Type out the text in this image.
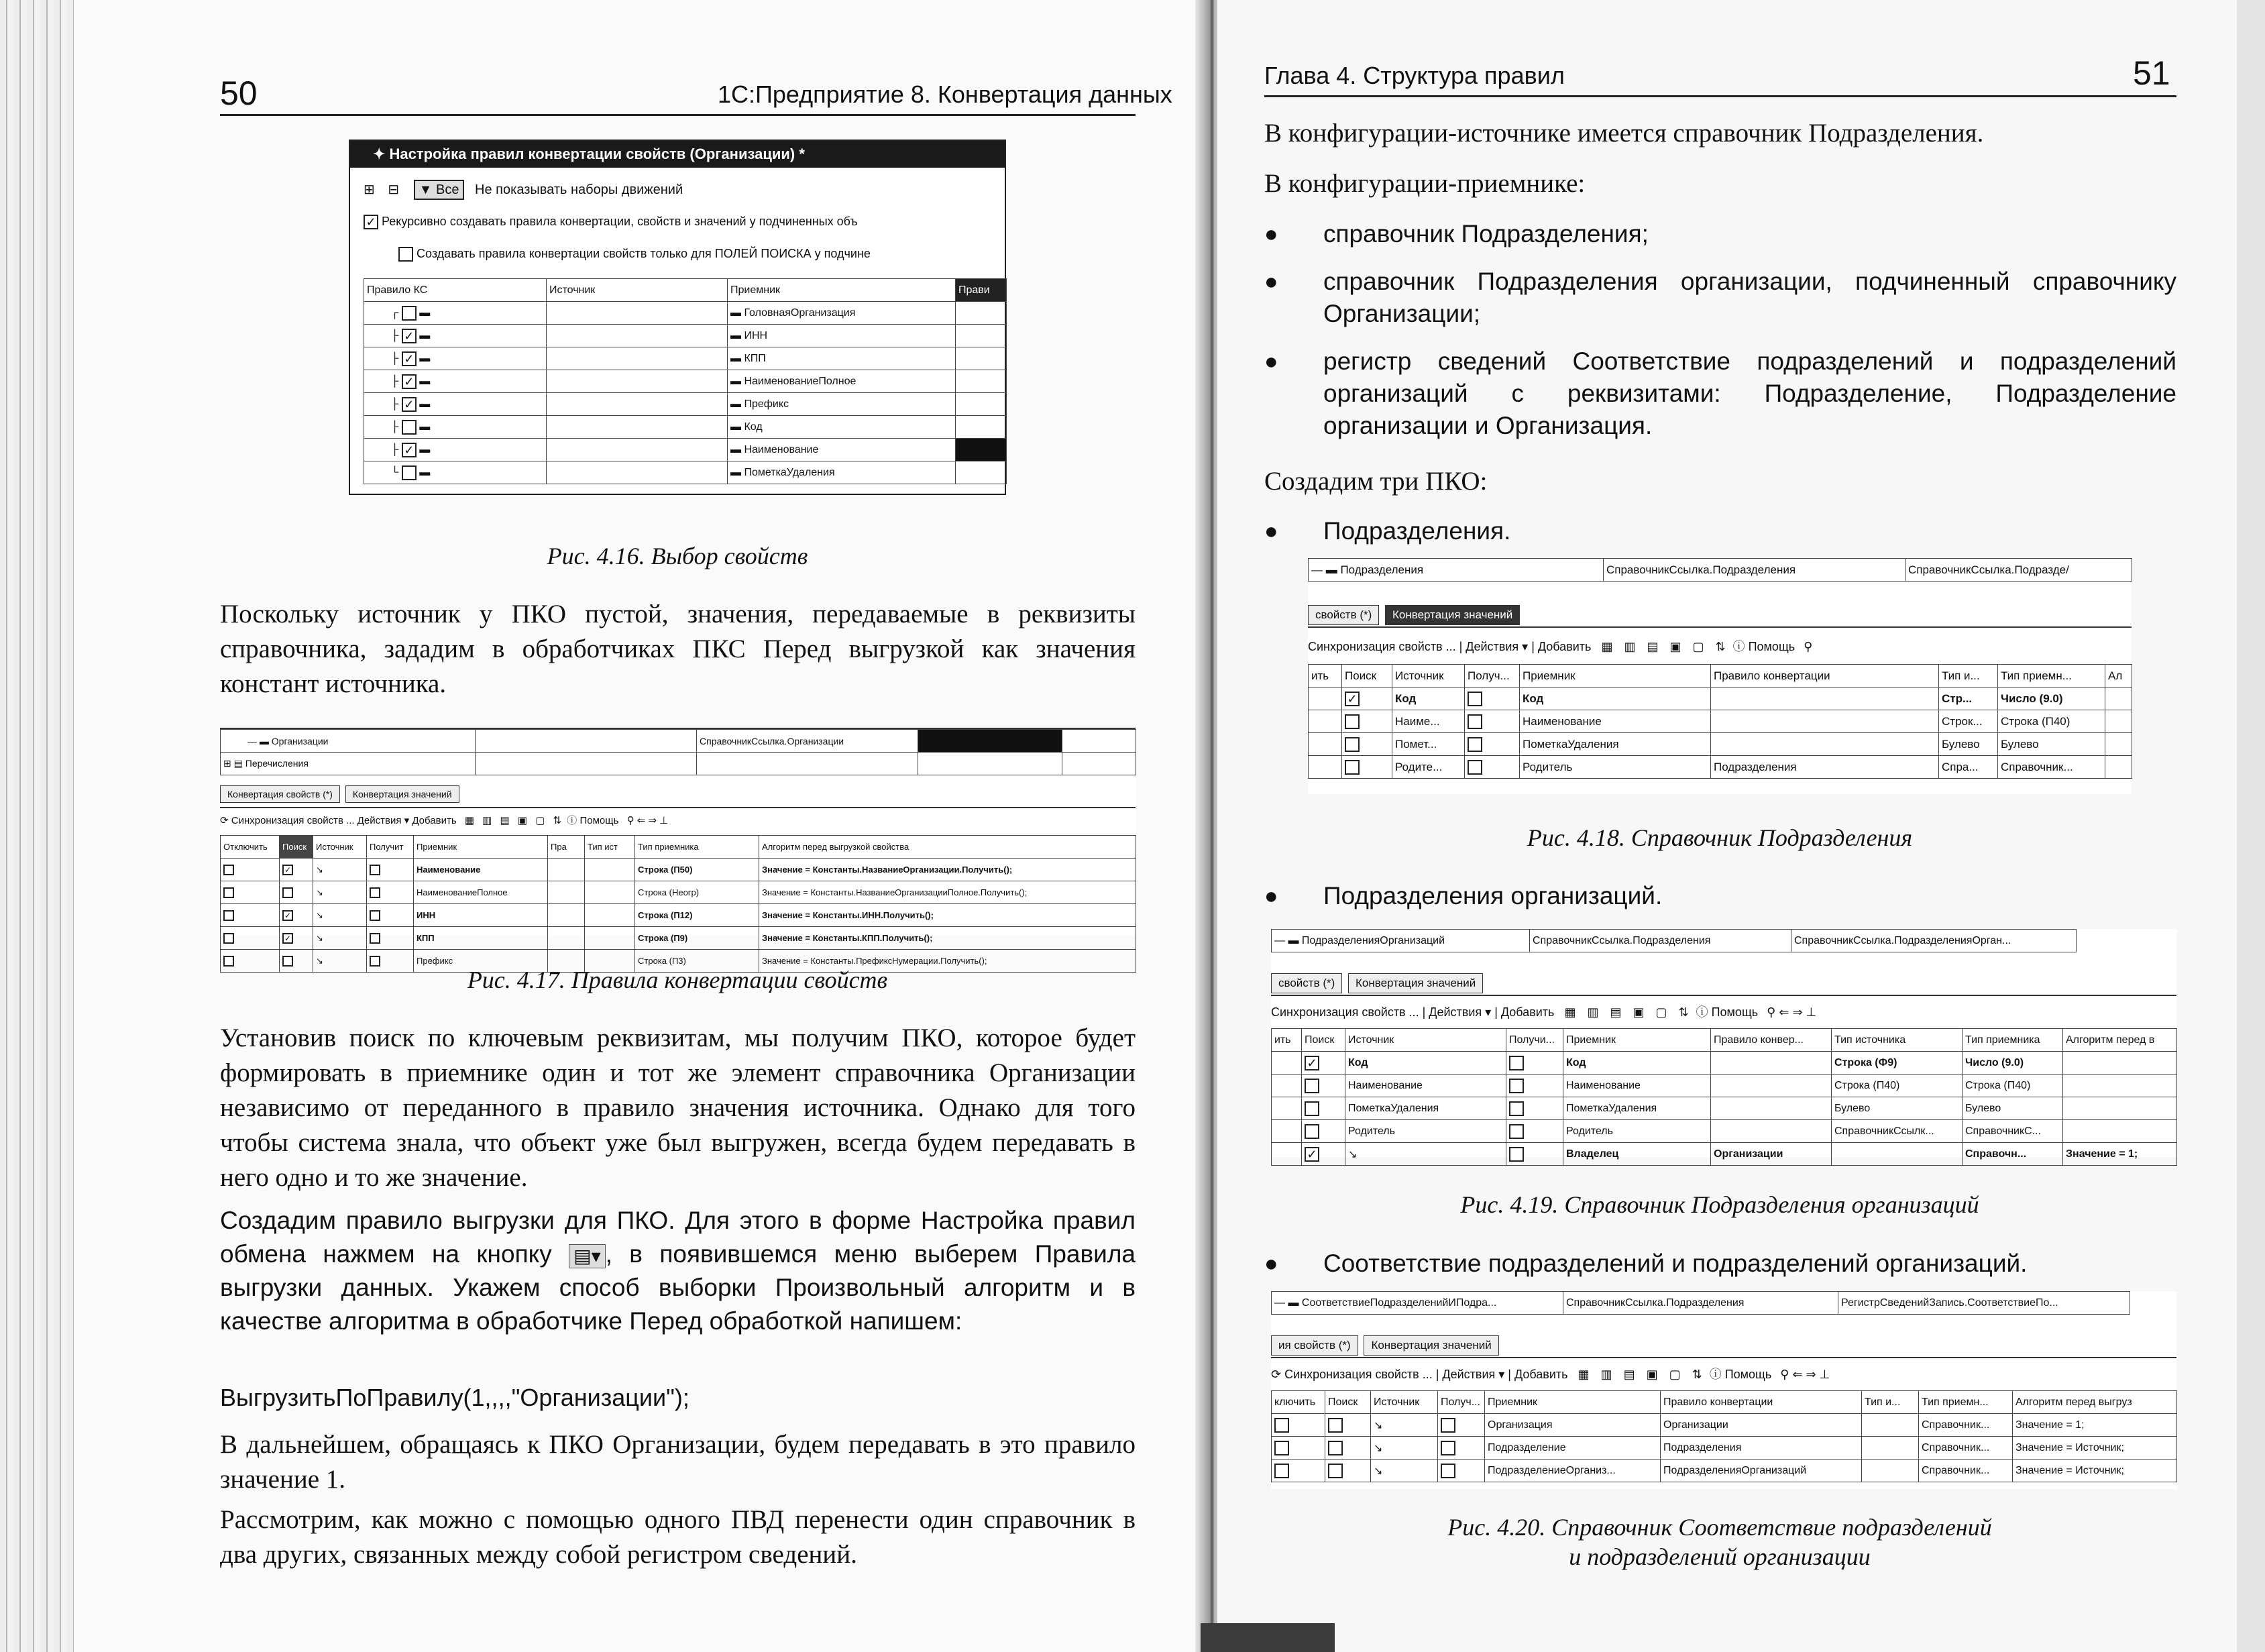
50	1С:Предприятие 8. Конвертация данных
✦ Настройка правил конвертации свойств (Организации) *
⊞ ⊟ ▼ Все Не показывать наборы движений
✓ Рекурсивно создавать правила конвертации, свойств и значений у подчиненных объ
Создавать правила конвертации свойств только для ПОЛЕЙ ПОИСКА у подчине
Правило КС	Источник	Приемник	Прави
┌  ▬		▬ ГоловнаяОрганизация	
├ ✓ ▬		▬ ИНН	
├ ✓ ▬		▬ КПП	
├ ✓ ▬		▬ НаименованиеПолное	
├ ✓ ▬		▬ Префикс	
├  ▬		▬ Код	
├ ✓ ▬		▬ Наименование	
└  ▬		▬ ПометкаУдаления	
Рис. 4.16. Выбор свойств
Поскольку источник у ПКО пустой, значения, передаваемые в реквизиты справочника, зададим в обработчиках ПКС Перед выгрузкой как значения констант источника.
— ▬ Организации		СправочникСсылка.Организации		
⊞ ▤ Перечисления				
Конвертация свойств (*) Конвертация значений
⟳ Синхронизация свойств ... Действия ▾ Добавить ▦ ▥ ▤ ▣ ▢ ⇅ ⓘ Помощь ⚲ ⇐ ⇒ ⊥
Отключить	Поиск	Источник	Получит	Приемник	Пра	Тип ист	Тип приемника	Алгоритм перед выгрузкой свойства
	✓	↘		Наименование			Строка (П50)	Значение = Константы.НазваниеОрганизации.Получить();
		↘		НаименованиеПолное			Строка (Неогр)	Значение = Константы.НазваниеОрганизацииПолное.Получить();
	✓	↘		ИНН			Строка (П12)	Значение = Константы.ИНН.Получить();
	✓	↘		КПП			Строка (П9)	Значение = Константы.КПП.Получить();
		↘		Префикс			Строка (П3)	Значение = Константы.ПрефиксНумерации.Получить();
Рис. 4.17. Правила конвертации свойств
Установив поиск по ключевым реквизитам, мы получим ПКО, которое будет формировать в приемнике один и тот же элемент справочника Организации независимо от переданного в правило значения источника. Однако для того чтобы система знала, что объект уже был выгружен, всегда будем передавать в него одно и то же значение.
Создадим правило выгрузки для ПКО. Для этого в форме Настройка правил обмена нажмем на кнопку ▤▾ , в появившемся меню выберем Правила выгрузки данных. Укажем способ выборки Произвольный алгоритм и в качестве алгоритма в обработчике Перед обработкой напишем:
ВыгрузитьПоПравилу(1,,,,"Организации");
В дальнейшем, обращаясь к ПКО Организации, будем передавать в это правило значение 1.
Рассмотрим, как можно с помощью одного ПВД перенести один справочник в два других, связанных между собой регистром сведений.
Глава 4. Структура правил	51
В конфигурации-источнике имеется справочник Подразделения.
В конфигурации-приемнике:
●	справочник Подразделения;
●	справочник Подразделения организации, подчиненный справочнику Организации;
●	регистр сведений Соответствие подразделений и подразделений организаций с реквизитами: Подразделение, Подразделение организации и Организация.
Создадим три ПКО:
●	Подразделения.
— ▬ Подразделения	СправочникСсылка.Подразделения	СправочникСсылка.Подразде/
свойств (*) Конвертация значений
Синхронизация свойств ... | Действия ▾ | Добавить ▦ ▥ ▤ ▣ ▢ ⇅ ⓘ Помощь ⚲
ить	Поиск	Источник	Получ...	Приемник	Правило конвертации	Тип и...	Тип приемн...	Ал
	✓	Код		Код		Стр...	Число (9.0)	
		Наиме...		Наименование		Строк...	Строка (П40)	
		Помет...		ПометкаУдаления		Булево	Булево	
		Родите...		Родитель	Подразделения	Спра...	Справочник...	
Рис. 4.18. Справочник Подразделения
●	Подразделения организаций.
— ▬ ПодразделенияОрганизаций	СправочникСсылка.Подразделения	СправочникСсылка.ПодразделенияОрган...
свойств (*) Конвертация значений
Синхронизация свойств ... | Действия ▾ | Добавить ▦ ▥ ▤ ▣ ▢ ⇅ ⓘ Помощь ⚲ ⇐ ⇒ ⊥
ить	Поиск	Источник	Получи...	Приемник	Правило конвер...	Тип источника	Тип приемника	Алгоритм перед в
	✓	Код		Код		Строка (Ф9)	Число (9.0)	
		Наименование		Наименование		Строка (П40)	Строка (П40)	
		ПометкаУдаления		ПометкаУдаления		Булево	Булево	
		Родитель		Родитель		СправочникСсылк...	СправочникС...	
	✓	↘		Владелец	Организации		Справочн...	Значение = 1;
Рис. 4.19. Справочник Подразделения организаций
●	Соответствие подразделений и подразделений организаций.
— ▬ СоответствиеПодразделенийИПодра...	СправочникСсылка.Подразделения	РегистрСведенийЗапись.СоответствиеПо...
ия свойств (*) Конвертация значений
⟳ Синхронизация свойств ... | Действия ▾ | Добавить ▦ ▥ ▤ ▣ ▢ ⇅ ⓘ Помощь ⚲ ⇐ ⇒ ⊥
ключить	Поиск	Источник	Получ...	Приемник	Правило конвертации	Тип и...	Тип приемн...	Алгоритм перед выгруз
		↘		Организация	Организации		Справочник...	Значение = 1;
		↘		Подразделение	Подразделения		Справочник...	Значение = Источник;
		↘		ПодразделениеОрганиз...	ПодразделенияОрганизаций		Справочник...	Значение = Источник;
Рис. 4.20. Справочник Соответствие подразделений
и подразделений организации
